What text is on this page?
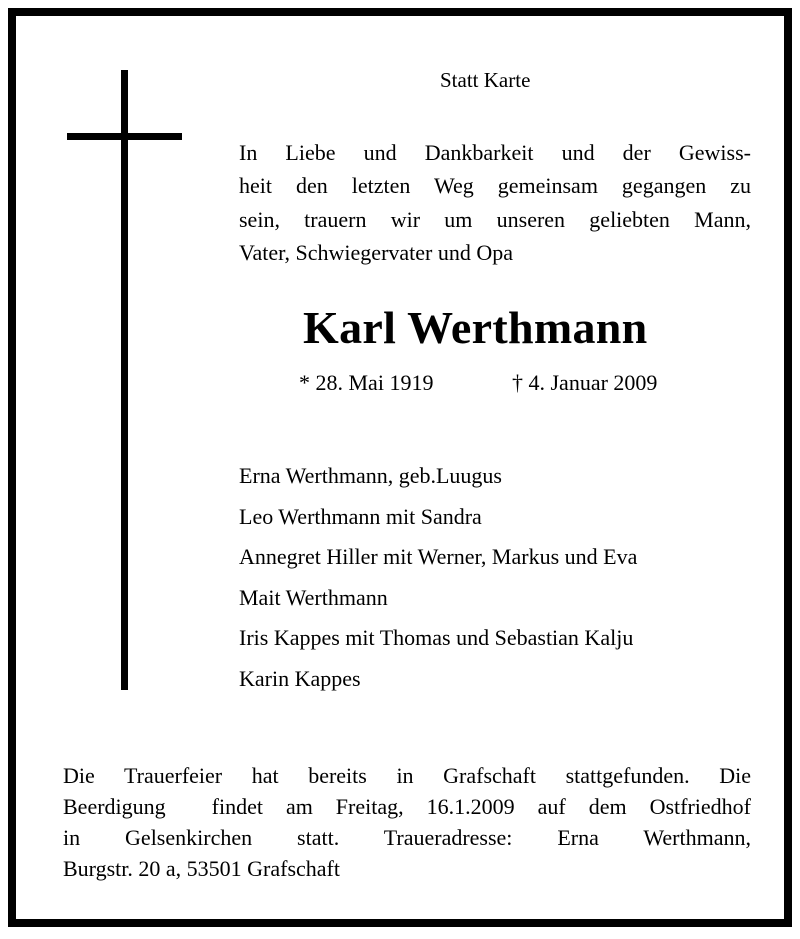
Statt Karte
In Liebe und Dankbarkeit und der Gewiss-
heit den letzten Weg gemeinsam gegangen zu
sein, trauern wir um unseren geliebten Mann,
Vater, Schwiegervater und Opa
Karl Werthmann
* 28. Mai 1919	† 4. Januar 2009
Erna Werthmann, geb.Luugus
Leo Werthmann mit Sandra
Annegret Hiller mit Werner, Markus und Eva
Mait Werthmann
Iris Kappes mit Thomas und Sebastian Kalju
Karin Kappes
Die Trauerfeier hat bereits in Grafschaft stattgefunden. Die
Beerdigung  findet am Freitag, 16.1.2009 auf dem Ostfriedhof
in Gelsenkirchen statt. Traueradresse: Erna Werthmann,
Burgstr. 20 a, 53501 Grafschaft
